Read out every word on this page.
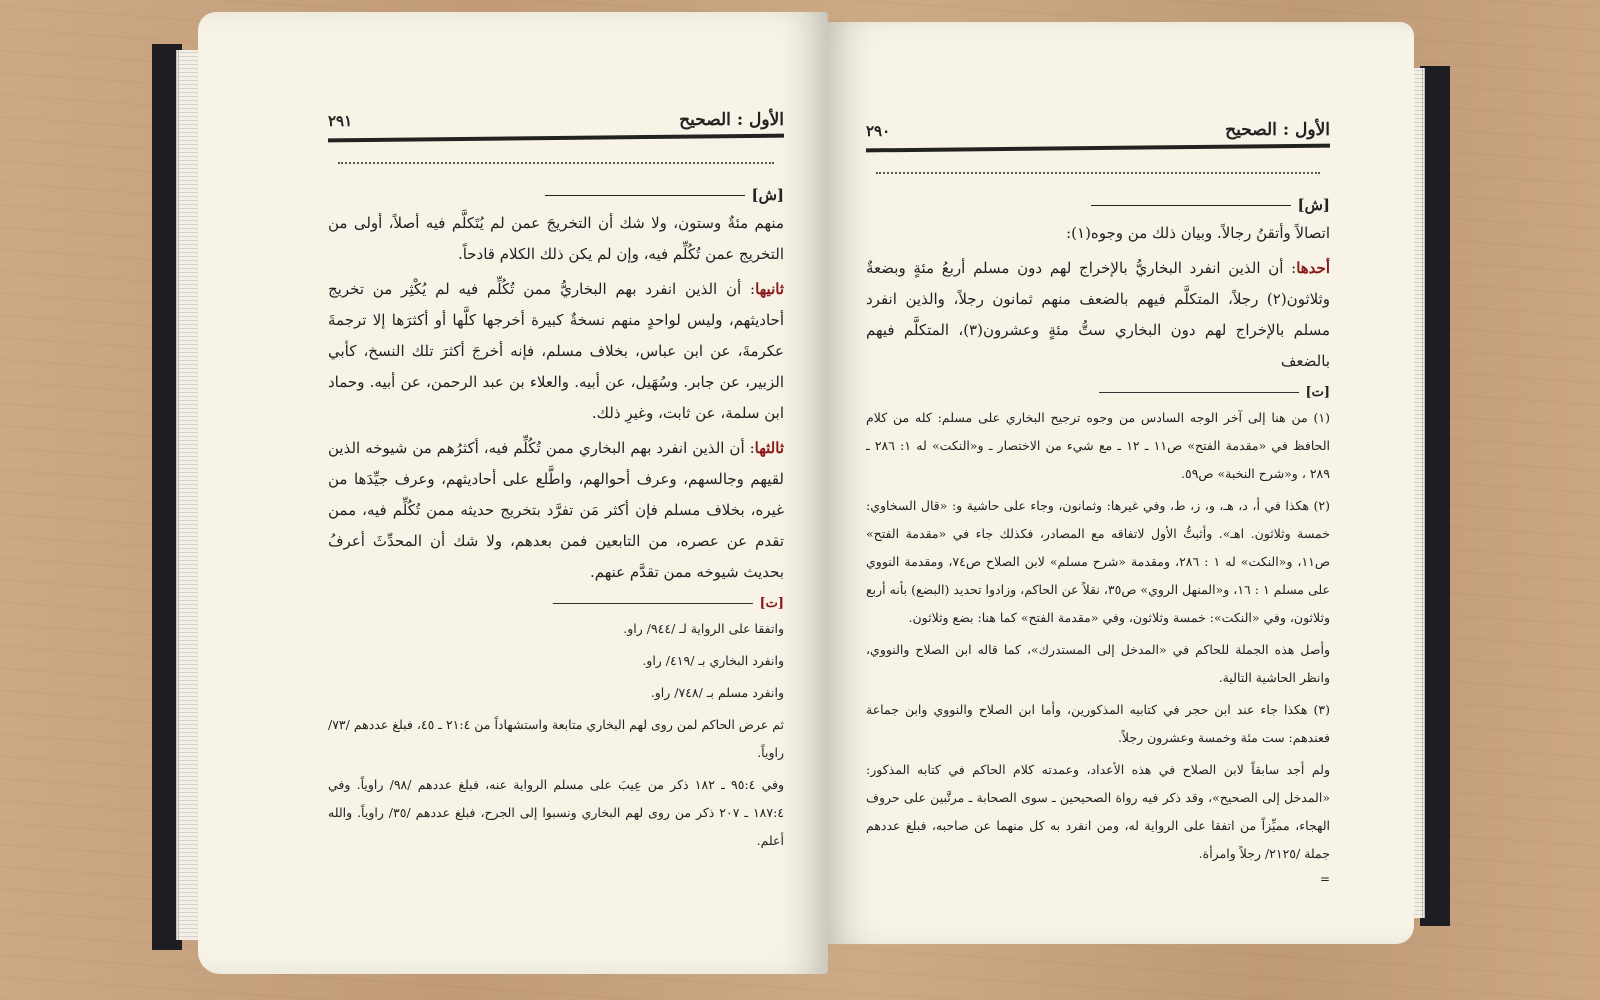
الأول : الصحيح
٢٩١
[ش]

منهم مئةٌ وستون، ولا شك أن التخريجَ عمن لم يُتَكلَّم فيه أصلاً، أولى من التخريج عمن تُكُلِّم فيه، وإن لم يكن ذلك الكلام قادحاً.

ثانيها: أن الذين انفرد بهم البخاريُّ ممن تُكُلِّم فيه لم يُكْثِر من تخريج أحاديثهم، وليس لواحدٍ منهم نسخةٌ كبيرة أخرجها كلَّها أو أكثرَها إلا ترجمةَ عكرمةَ، عن ابن عباس، بخلاف مسلم، فإنه أخرجَ أكثرَ تلك النسخ، كأبي الزبير، عن جابر. وسُهَيل، عن أبيه. والعلاء بن عبد الرحمن، عن أبيه. وحماد ابن سلمة، عن ثابت، وغيرِ ذلك.

ثالثها: أن الذين انفرد بهم البخاري ممن تُكُلِّم فيه، أكثرُهم من شيوخه الذين لقيهم وجالسهم، وعرف أحوالهم، واطَّلع على أحاديثهم، وعرف جيِّدَها من غيره، بخلاف مسلم فإن أكثر مَن تفرَّد بتخريج حديثه ممن تُكُلِّم فيه، ممن تقدم عن عصره، من التابعين فمن بعدهم، ولا شك أن المحدِّثَ أعرفُ بحديث شيوخه ممن تقدَّم عنهم.

[ت]

واتفقا على الرواية لـ /٩٤٤/ راو.

وانفرد البخاري بـ /٤١٩/ راو.

وانفرد مسلم بـ /٧٤٨/ راو.

ثم عرض الحاكم لمن روى لهم البخاري متابعة واستشهاداً من ٢١:٤ ـ ٤٥، فبلغ عددهم /٧٣/ راوياً.

وفي ٩٥:٤ ـ ١٨٢ ذكر من عِيبَ على مسلم الرواية عنه، فبلغ عددهم /٩٨/ راوياً. وفي ١٨٧:٤ ـ ٢٠٧ ذكر من روى لهم البخاري ونسبوا إلى الجرح، فبلغ عددهم /٣٥/ راوياً. والله أعلم.

الأول : الصحيح
٢٩٠
[ش]

اتصالاً وأتقنُ رجالاً. وبيان ذلك من وجوه(١):

أحدها: أن الذين انفرد البخاريُّ بالإخراج لهم دون مسلم أربعُ مئةٍ وبضعةٌ وثلاثون(٢) رجلاً، المتكلَّم فيهم بالضعف منهم ثمانون رجلاً، والذين انفرد مسلم بالإخراج لهم دون البخاري ستُّ مئةٍ وعشرون(٣)، المتكلَّم فيهم بالضعف

[ت]

(١) من هنا إلى آخر الوجه السادس من وجوه ترجيح البخاري على مسلم: كله من كلام الحافظ في «مقدمة الفتح» ص١١ ـ ١٢ ـ مع شيء من الاختصار ـ و«النكت» له ١: ٢٨٦ ـ ٢٨٩ ، و«شرح النخبة» ص٥٩.

(٢) هكذا في أ، د، هـ، و، ز، ط، وفي غيرها: وثمانون، وجاء على حاشية و: «قال السخاوي: خمسة وثلاثون. اهـ». وأثبتُّ الأول لاتفاقه مع المصادر، فكذلك جاء في «مقدمة الفتح» ص١١، و«النكت» له ١ : ٢٨٦، ومقدمة «شرح مسلم» لابن الصلاح ص٧٤، ومقدمة النووي على مسلم ١ : ١٦، و«المنهل الروي» ص٣٥، نقلاً عن الحاكم، وزادوا تحديد (البضع) بأنه أربع وثلاثون، وفي «النكت»: خمسة وثلاثون، وفي «مقدمة الفتح» كما هنا: بضع وثلاثون.

وأصل هذه الجملة للحاكم في «المدخل إلى المستدرك»، كما قاله ابن الصلاح والنووي، وانظر الحاشية التالية.

(٣) هكذا جاء عند ابن حجر في كتابيه المذكورين، وأما ابن الصلاح والنووي وابن جماعة فعندهم: ست مئة وخمسة وعشرون رجلاً.

ولم أجد سابقاً لابن الصلاح في هذه الأعداد، وعمدته كلام الحاكم في كتابه المذكور: «المدخل إلى الصحيح»، وقد ذكر فيه رواة الصحيحين ـ سوى الصحابة ـ مرتَّبين على حروف الهجاء، مميِّزاً من اتفقا على الرواية له، ومن انفرد به كل منهما عن صاحبه، فبلغ عددهم جملة /٢١٢٥/ رجلاً وامرأة.

=
